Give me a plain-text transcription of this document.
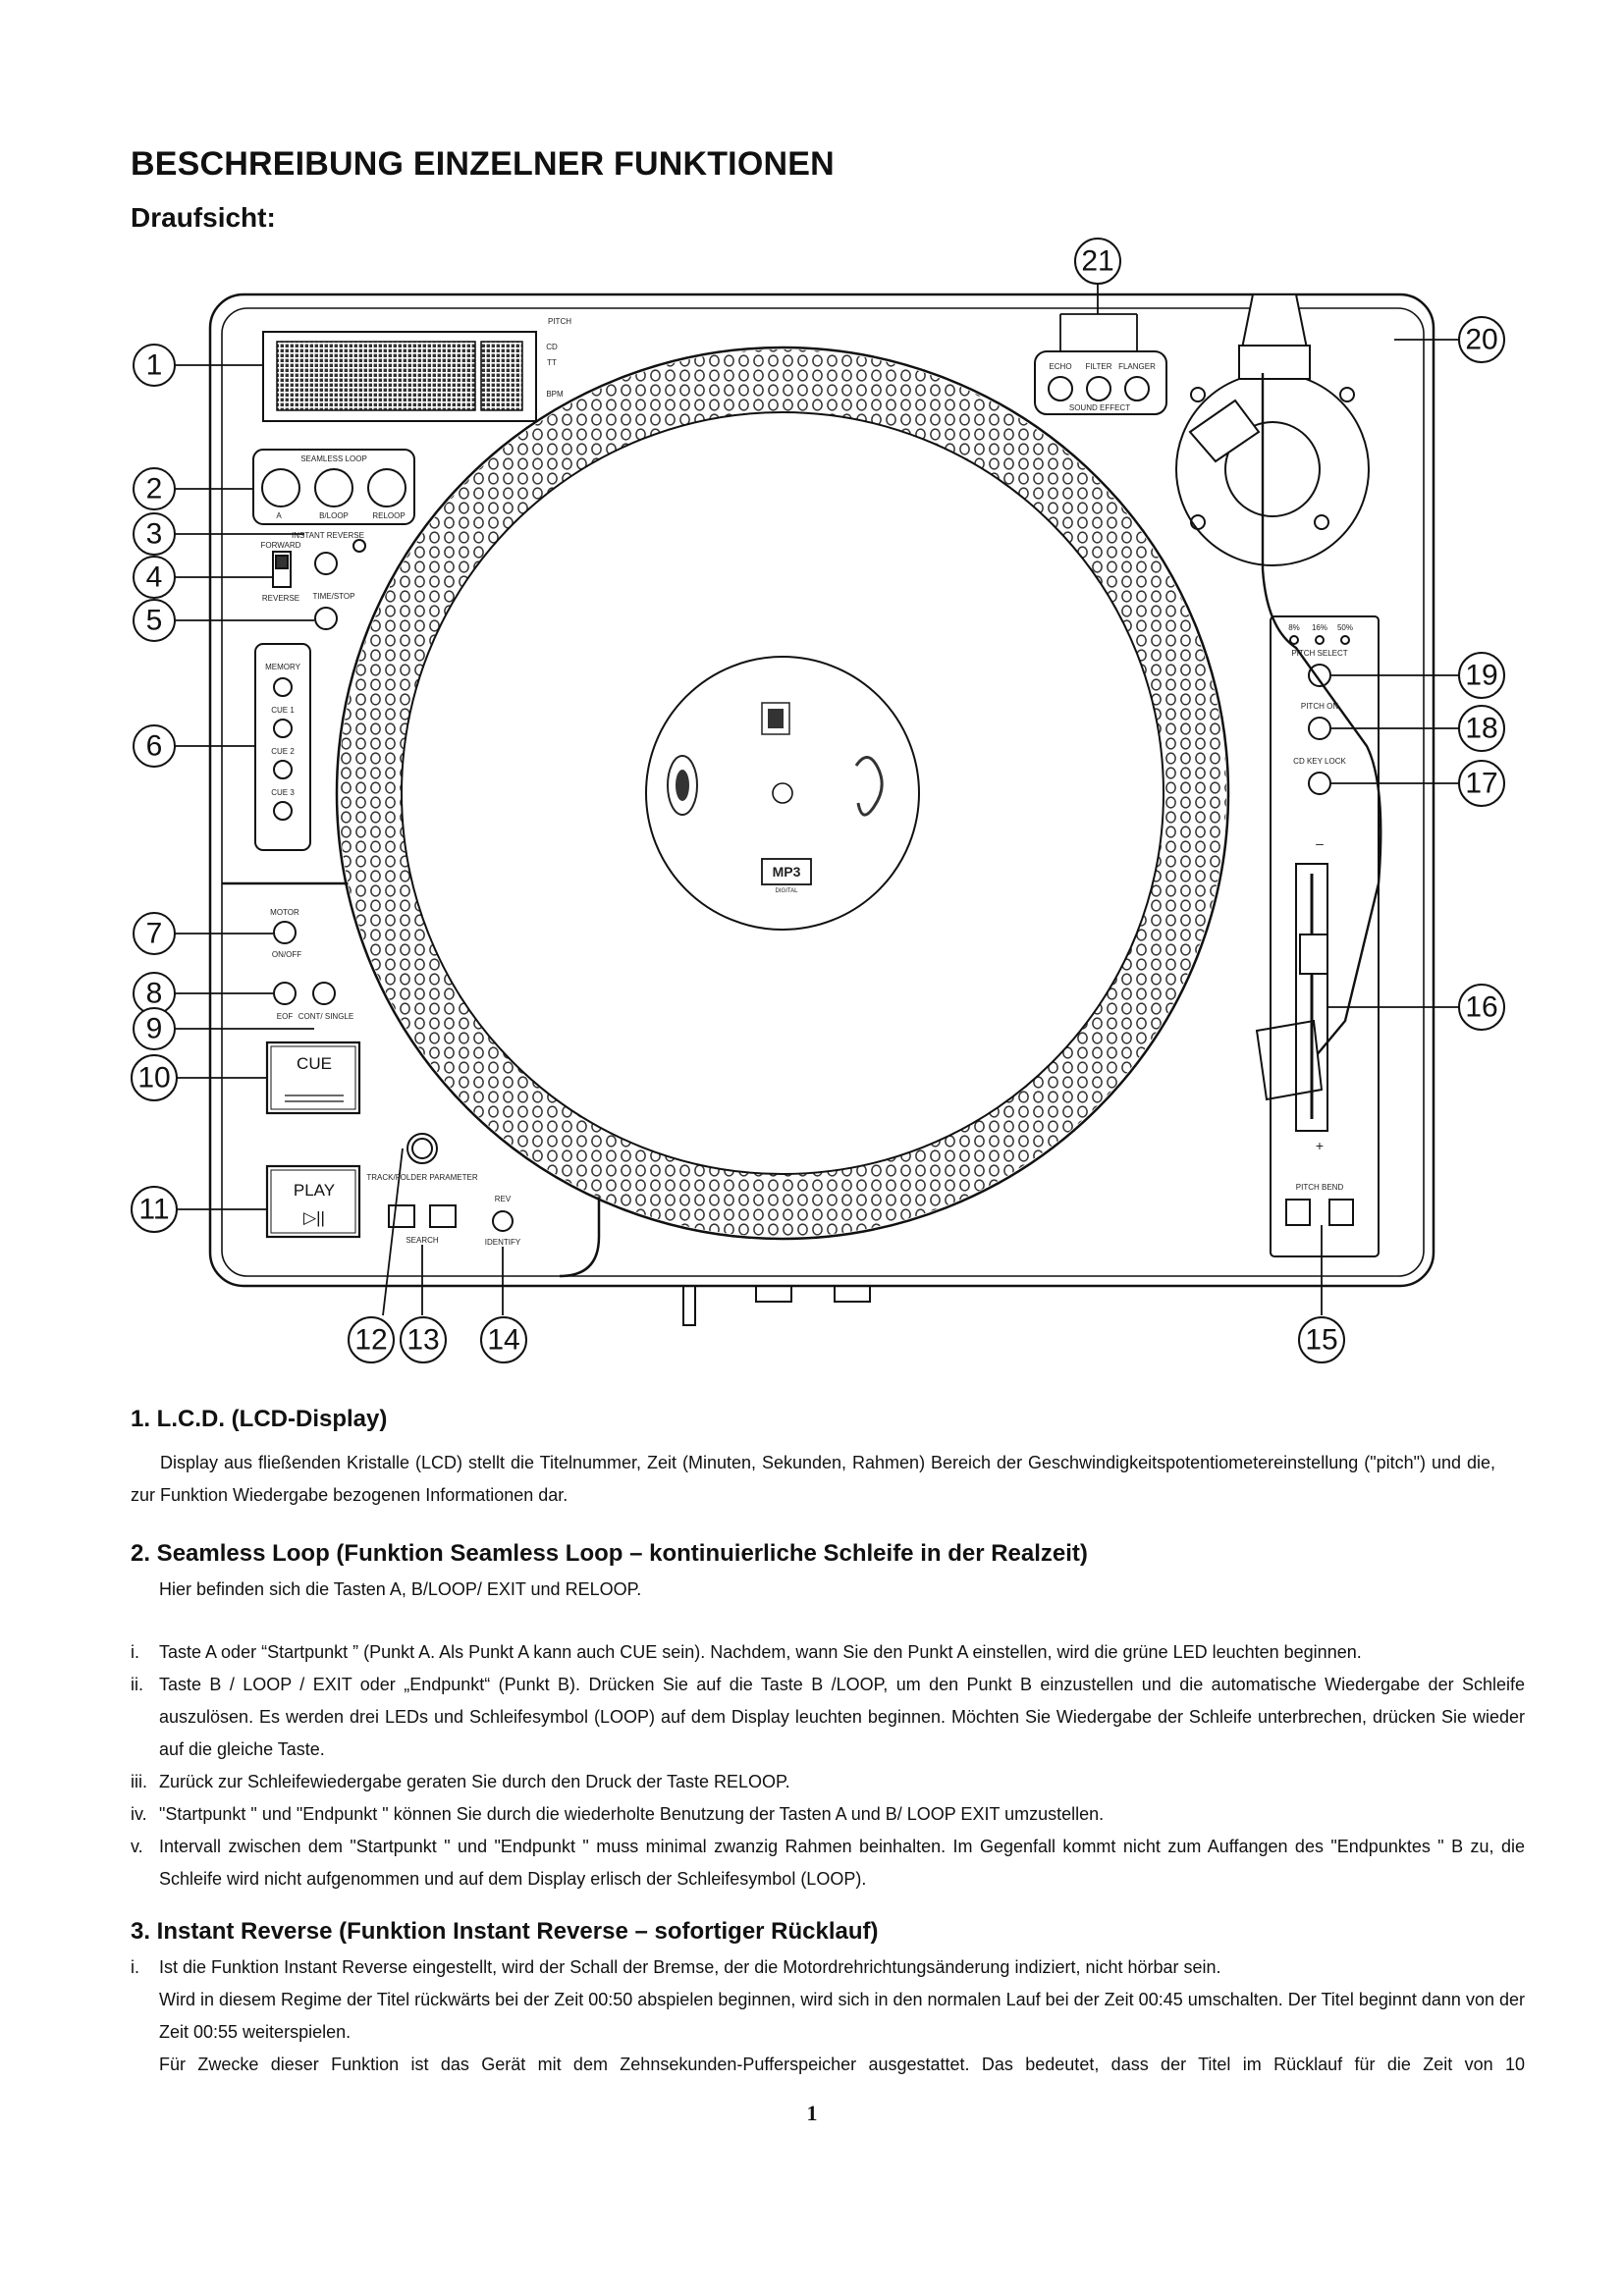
BESCHREIBUNG EINZELNER FUNKTIONEN
Draufsicht:
PITCH
CD
TT
BPM
SEAMLESS LOOP
A	B/LOOP	RELOOP
FORWARD
REVERSE
INSTANT REVERSE
TIME/STOP
MEMORY
CUE 1
CUE 2
CUE 3
MOTOR
ON/OFF
EOF CONT/ SINGLE
CUE
PLAY
▷||
TRACK/FOLDER PARAMETER
SEARCH
REV
IDENTIFY
MP3
DIGITAL
ECHO FILTER FLANGER
SOUND EFFECT
8% 16% 50%
PITCH SELECT
PITCH ON
CD KEY LOCK
–
+
PITCH BEND
1
2
3
4
5
6
7
8
9
10
11
12 13 14	15
16
17
18
19
20
21
1. L.C.D. (LCD-Display)

Display aus fließenden Kristalle (LCD) stellt die Titelnummer, Zeit (Minuten, Sekunden, Rahmen) Bereich der Geschwindigkeitspotentiometereinstellung ("pitch") und die, zur Funktion Wiedergabe bezogenen Informationen dar.

2. Seamless Loop (Funktion Seamless Loop – kontinuierliche Schleife in der Realzeit)

Hier befinden sich die Tasten A, B/LOOP/ EXIT und RELOOP.

i. Taste A oder “Startpunkt ” (Punkt A. Als Punkt A kann auch CUE sein). Nachdem, wann Sie den Punkt A einstellen, wird die grüne LED leuchten beginnen.
ii. Taste B / LOOP / EXIT oder „Endpunkt“ (Punkt B). Drücken Sie auf die Taste B /LOOP, um den Punkt B einzustellen und die automatische Wiedergabe der Schleife auszulösen. Es werden drei LEDs und Schleifesymbol (LOOP) auf dem Display leuchten beginnen. Möchten Sie Wiedergabe der Schleife unterbrechen, drücken Sie wieder auf die gleiche Taste.
iii. Zurück zur Schleifewiedergabe geraten Sie durch den Druck der Taste RELOOP.
iv. "Startpunkt " und "Endpunkt " können Sie durch die wiederholte Benutzung der Tasten A und B/ LOOP EXIT umzustellen.
v. Intervall zwischen dem "Startpunkt " und "Endpunkt " muss minimal zwanzig Rahmen beinhalten. Im Gegenfall kommt nicht zum Auffangen des "Endpunktes " B zu, die Schleife wird nicht aufgenommen und auf dem Display erlisch der Schleifesymbol (LOOP).
3. Instant Reverse (Funktion Instant Reverse – sofortiger Rücklauf)
i. Ist die Funktion Instant Reverse eingestellt, wird der Schall der Bremse, der die Motordrehrichtungsänderung indiziert, nicht hörbar sein.

Wird in diesem Regime der Titel rückwärts bei der Zeit 00:50 abspielen beginnen, wird sich in den normalen Lauf bei der Zeit 00:45 umschalten. Der Titel beginnt dann von der Zeit 00:55 weiterspielen.

Für Zwecke dieser Funktion ist das Gerät mit dem Zehnsekunden-Pufferspeicher ausgestattet. Das bedeutet, dass der Titel im Rücklauf für die Zeit von 10

1
